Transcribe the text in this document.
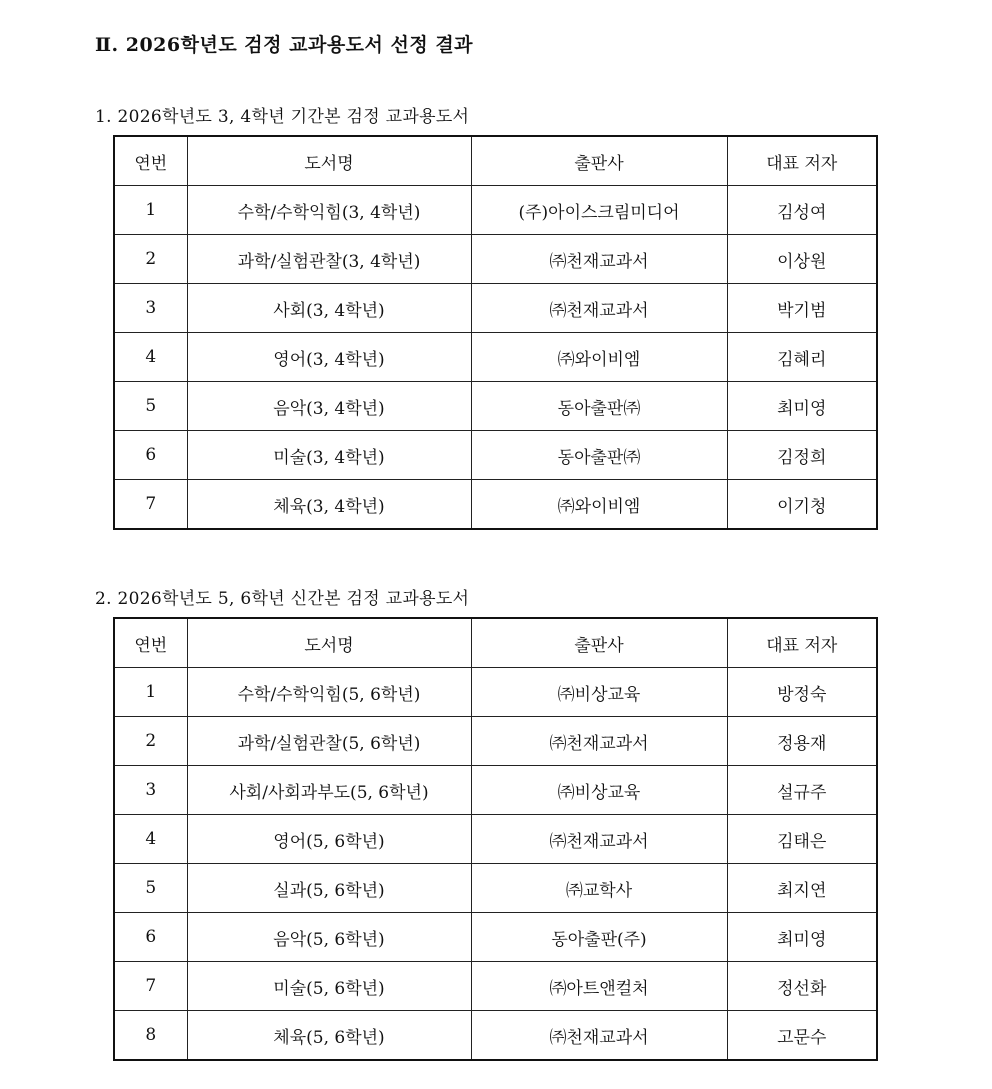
Ⅱ. 2026학년도 검정 교과용도서 선정 결과
1. 2026학년도 3, 4학년 기간본 검정 교과용도서
연번	도서명	출판사	대표 저자
1	수학/수학익힘(3, 4학년)	(주)아이스크림미디어	김성여
2	과학/실험관찰(3, 4학년)	㈜천재교과서	이상원
3	사회(3, 4학년)	㈜천재교과서	박기범
4	영어(3, 4학년)	㈜와이비엠	김혜리
5	음악(3, 4학년)	동아출판㈜	최미영
6	미술(3, 4학년)	동아출판㈜	김정희
7	체육(3, 4학년)	㈜와이비엠	이기청
2. 2026학년도 5, 6학년 신간본 검정 교과용도서
연번	도서명	출판사	대표 저자
1	수학/수학익힘(5, 6학년)	㈜비상교육	방정숙
2	과학/실험관찰(5, 6학년)	㈜천재교과서	정용재
3	사회/사회과부도(5, 6학년)	㈜비상교육	설규주
4	영어(5, 6학년)	㈜천재교과서	김태은
5	실과(5, 6학년)	㈜교학사	최지연
6	음악(5, 6학년)	동아출판(주)	최미영
7	미술(5, 6학년)	㈜아트앤컬처	정선화
8	체육(5, 6학년)	㈜천재교과서	고문수
